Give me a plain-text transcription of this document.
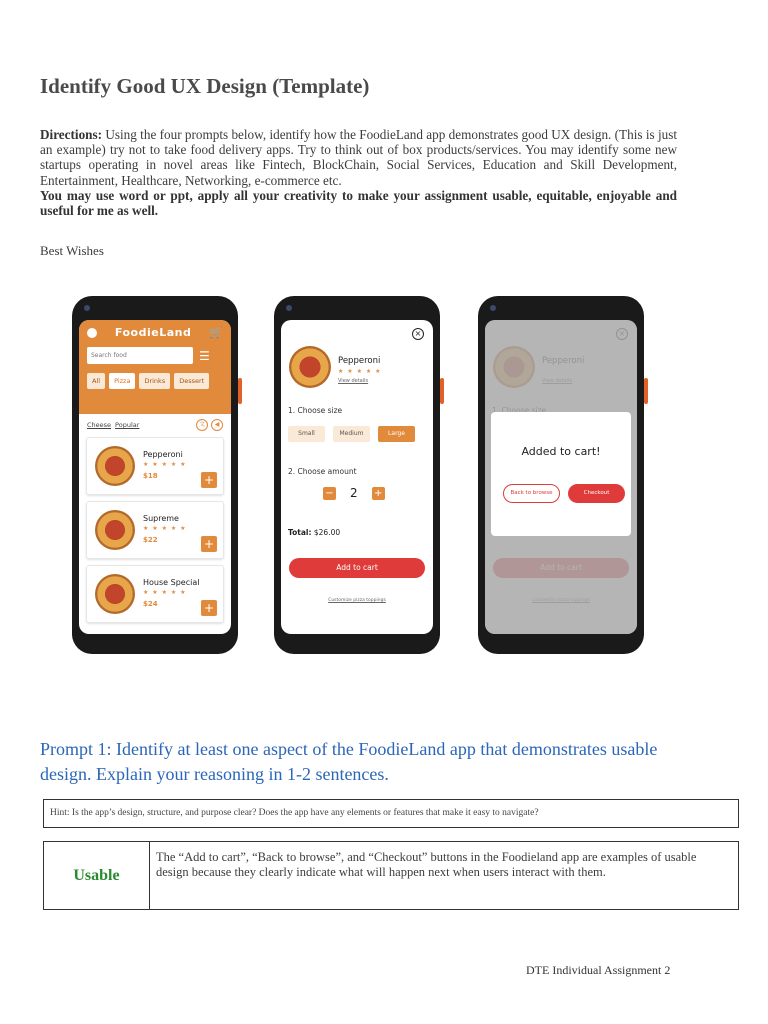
Identify Good UX Design (Template)
Directions: Using the four prompts below, identify how the FoodieLand app demonstrates good UX design. (This is just an example) try not to take food delivery apps. Try to think out of box products/services. You may identify some new startups operating in novel areas like Fintech, BlockChain, Social Services, Education and Skill Development, Entertainment, Healthcare, Networking, e-commerce etc.
You may use word or ppt, apply all your creativity to make your assignment usable, equitable, enjoyable and useful for me as well.
Best Wishes
FoodieLand 🛒
Search food	☰
All	Pizza	Drinks	Dessert
Cheese Popular	文	◀
Pepperoni
★ ★ ★ ★ ★
$18	+
Supreme
★ ★ ★ ★ ★
$22	+
House Special
★ ★ ★ ★ ★
$24	+
×
Pepperoni
★ ★ ★ ★ ★
View details
1. Choose size
Small	Medium	Large
2. Choose amount
− 2 +
Total: $26.00
Add to cart
Customize pizza toppings
Added to cart!
Back to browse	Checkout
Prompt 1: Identify at least one aspect of the FoodieLand app that demonstrates usable design. Explain your reasoning in 1-2 sentences.
Hint: Is the app’s design, structure, and purpose clear? Does the app have any elements or features that make it easy to navigate?
Usable
The “Add to cart”, “Back to browse”, and “Checkout” buttons in the Foodieland app are examples of usable design because they clearly indicate what will happen next when users interact with them.
DTE Individual Assignment 2
